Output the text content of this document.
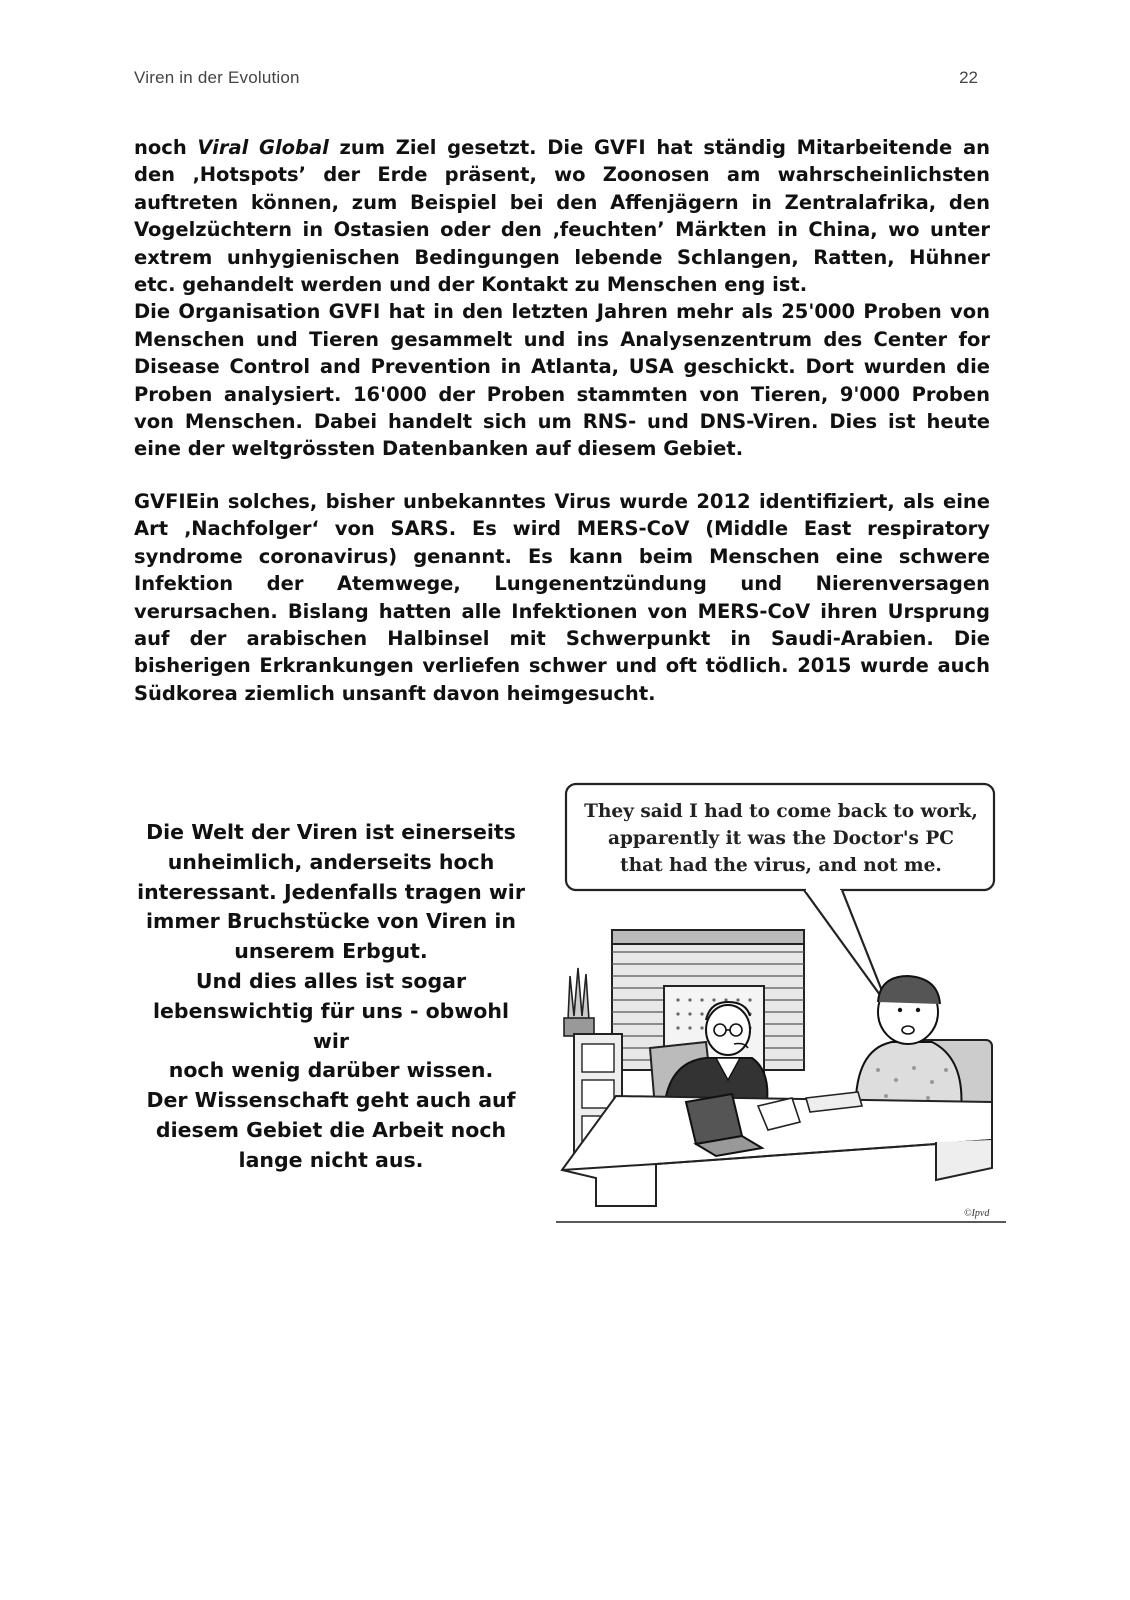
Viren in der Evolution	22

noch Viral Global zum Ziel gesetzt. Die GVFI hat ständig Mitarbeitende an den ‚Hotspots’ der Erde präsent, wo Zoonosen am wahrscheinlichsten auftreten können, zum Beispiel bei den Affenjägern in Zentralafrika, den Vogelzüchtern in Ostasien oder den ‚feuchten’ Märkten in China, wo unter extrem unhygienischen Bedingungen lebende Schlangen, Ratten, Hühner etc. gehandelt werden und der Kontakt zu Menschen eng ist.

Die Organisation GVFI hat in den letzten Jahren mehr als 25'000 Proben von Menschen und Tieren gesammelt und ins Analysenzentrum des Center for Disease Control and Prevention in Atlanta, USA geschickt. Dort wurden die Proben analysiert. 16'000 der Proben stammten von Tieren, 9'000 Proben von Menschen. Dabei handelt sich um RNS- und DNS-Viren. Dies ist heute eine der weltgrössten Datenbanken auf diesem Gebiet.

GVFIEin solches, bisher unbekanntes Virus wurde 2012 identifiziert, als eine Art ‚Nachfolger‘ von SARS. Es wird MERS-CoV (Middle East respiratory syndrome coronavirus) genannt. Es kann beim Menschen eine schwere Infektion der Atemwege, Lungenentzündung und Nierenversagen verursachen. Bislang hatten alle Infektionen von MERS-CoV ihren Ursprung auf der arabischen Halbinsel mit Schwerpunkt in Saudi-Arabien. Die bisherigen Erkrankungen verliefen schwer und oft tödlich. 2015 wurde auch Südkorea ziemlich unsanft davon heimgesucht.

Die Welt der Viren ist einerseits
unheimlich, anderseits hoch
interessant. Jedenfalls tragen wir
immer Bruchstücke von Viren in
unserem Erbgut.
Und dies alles ist sogar
lebenswichtig für uns - obwohl wir
noch wenig darüber wissen.
Der Wissenschaft geht auch auf
diesem Gebiet die Arbeit noch
lange nicht aus.
They said I had to come back to work,
apparently it was the Doctor's PC
that had the virus, and not me.
©Ipvd
